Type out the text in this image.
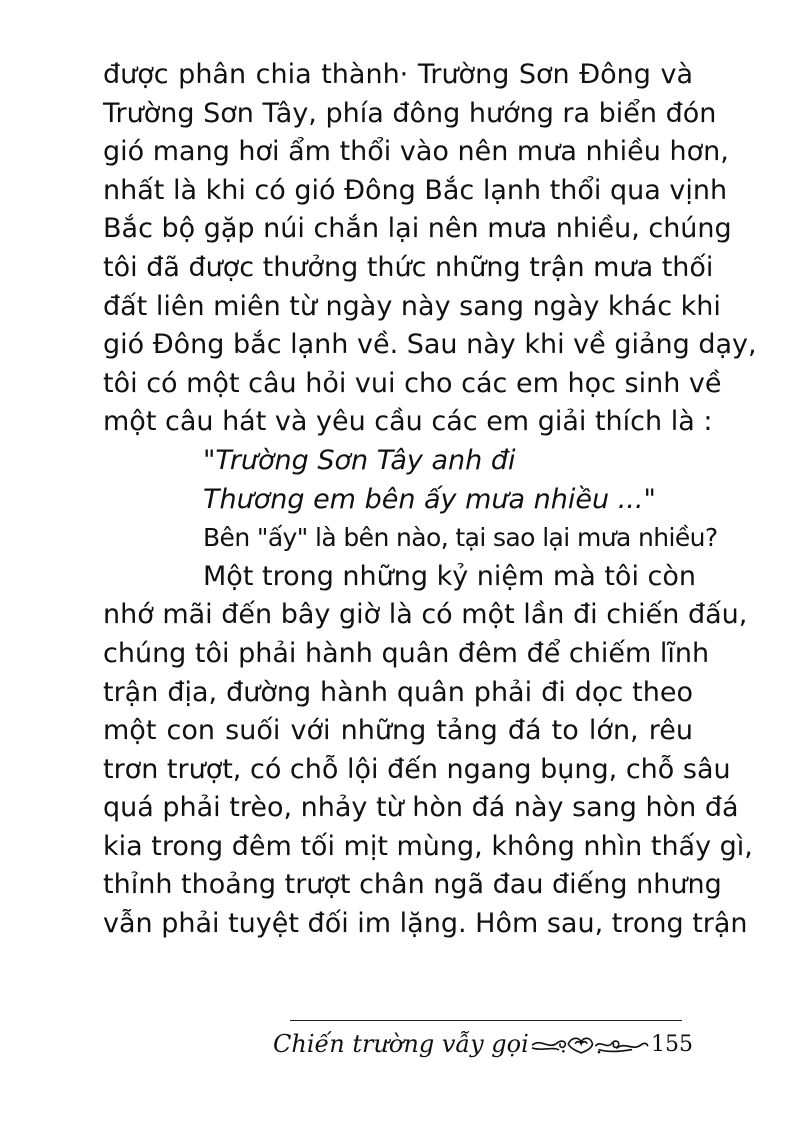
được phân chia thành· Trường Sơn Đông và
Trường Sơn Tây, phía đông hướng ra biển đón
gió mang hơi ẩm thổi vào nên mưa nhiều hơn,
nhất là khi có gió Đông Bắc lạnh thổi qua vịnh
Bắc bộ gặp núi chắn lại nên mưa nhiều, chúng
tôi đã được thưởng thức những trận mưa thối
đất liên miên từ ngày này sang ngày khác khi
gió Đông bắc lạnh về. Sau này khi về giảng dạy,
tôi có một câu hỏi vui cho các em học sinh về
một câu hát và yêu cầu các em giải thích là :
"Trường Sơn Tây anh đi
Thương em bên ấy mưa nhiều ..."
Bên "ấy" là bên nào, tại sao lại mưa nhiều?
Một trong những kỷ niệm mà tôi còn
nhớ mãi đến bây giờ là có một lần đi chiến đấu,
chúng tôi phải hành quân đêm để chiếm lĩnh
trận địa, đường hành quân phải đi dọc theo
một con suối với những tảng đá to lớn, rêu
trơn trượt, có chỗ lội đến ngang bụng, chỗ sâu
quá phải trèo, nhảy từ hòn đá này sang hòn đá
kia trong đêm tối mịt mùng, không nhìn thấy gì,
thỉnh thoảng trượt chân ngã đau điếng nhưng
vẫn phải tuyệt đối im lặng. Hôm sau, trong trận
Chiến trường vẫy gọi	155
